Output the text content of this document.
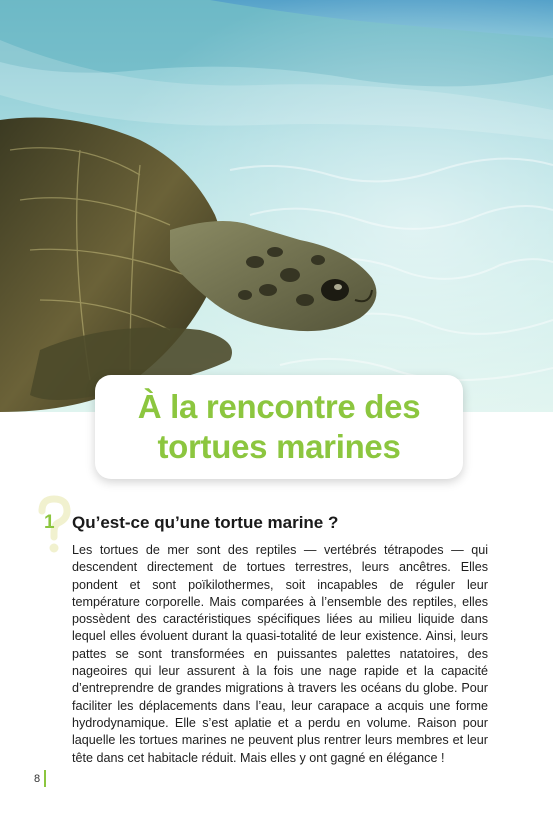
À la rencontre des
tortues marines
1 Qu’est-ce qu’une tortue marine ?

Les tortues de mer sont des reptiles — vertébrés tétrapodes — qui descendent directement de tortues terrestres, leurs ancêtres. Elles pondent et sont poïkilothermes, soit incapables de réguler leur température corporelle. Mais comparées à l’ensemble des reptiles, elles possèdent des caractéristiques spécifiques liées au milieu liquide dans lequel elles évoluent durant la quasi-totalité de leur existence. Ainsi, leurs pattes se sont transformées en puissantes palettes natatoires, des nageoires qui leur assurent à la fois une nage rapide et la capacité d’entreprendre de grandes migrations à travers les océans du globe. Pour faciliter les déplacements dans l’eau, leur carapace a acquis une forme hydrodynamique. Elle s’est aplatie et a perdu en volume. Raison pour laquelle les tortues marines ne peuvent plus rentrer leurs membres et leur tête dans cet habitacle réduit. Mais elles y ont gagné en élégance !

8
